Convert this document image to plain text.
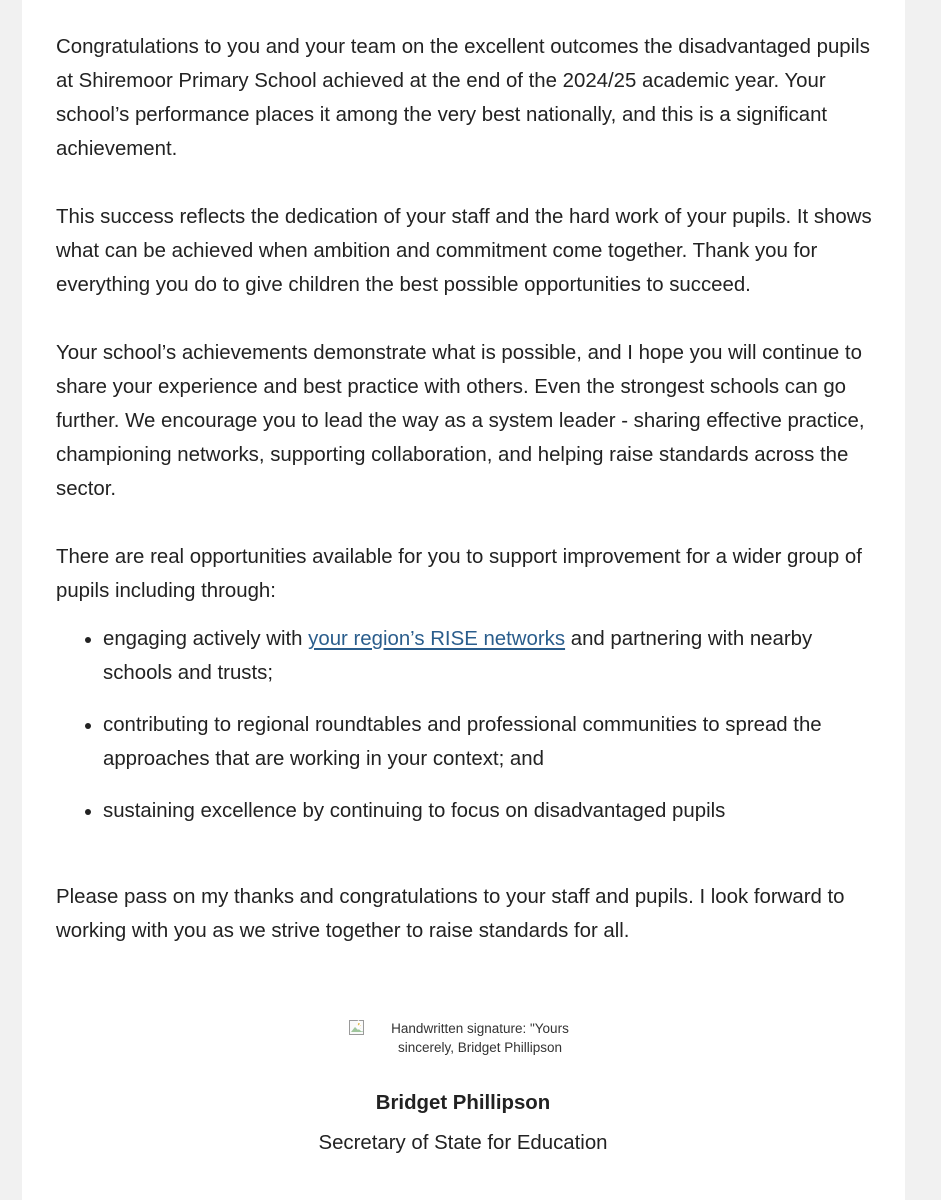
Congratulations to you and your team on the excellent outcomes the disadvantaged pupils at Shiremoor Primary School achieved at the end of the 2024/25 academic year. Your school’s performance places it among the very best nationally, and this is a significant achievement.

This success reflects the dedication of your staff and the hard work of your pupils. It shows what can be achieved when ambition and commitment come together. Thank you for everything you do to give children the best possible opportunities to succeed.

Your school’s achievements demonstrate what is possible, and I hope you will continue to share your experience and best practice with others. Even the strongest schools can go further. We encourage you to lead the way as a system leader - sharing effective practice, championing networks, supporting collaboration, and helping raise standards across the sector.

There are real opportunities available for you to support improvement for a wider group of pupils including through:

• engaging actively with your region’s RISE networks and partnering with nearby schools and trusts;
• contributing to regional roundtables and professional communities to spread the approaches that are working in your context; and
• sustaining excellence by continuing to focus on disadvantaged pupils

Please pass on my thanks and congratulations to your staff and pupils. I look forward to working with you as we strive together to raise standards for all.

Handwritten signature: "Yours sincerely, Bridget Phillipson
Bridget Phillipson
Secretary of State for Education
